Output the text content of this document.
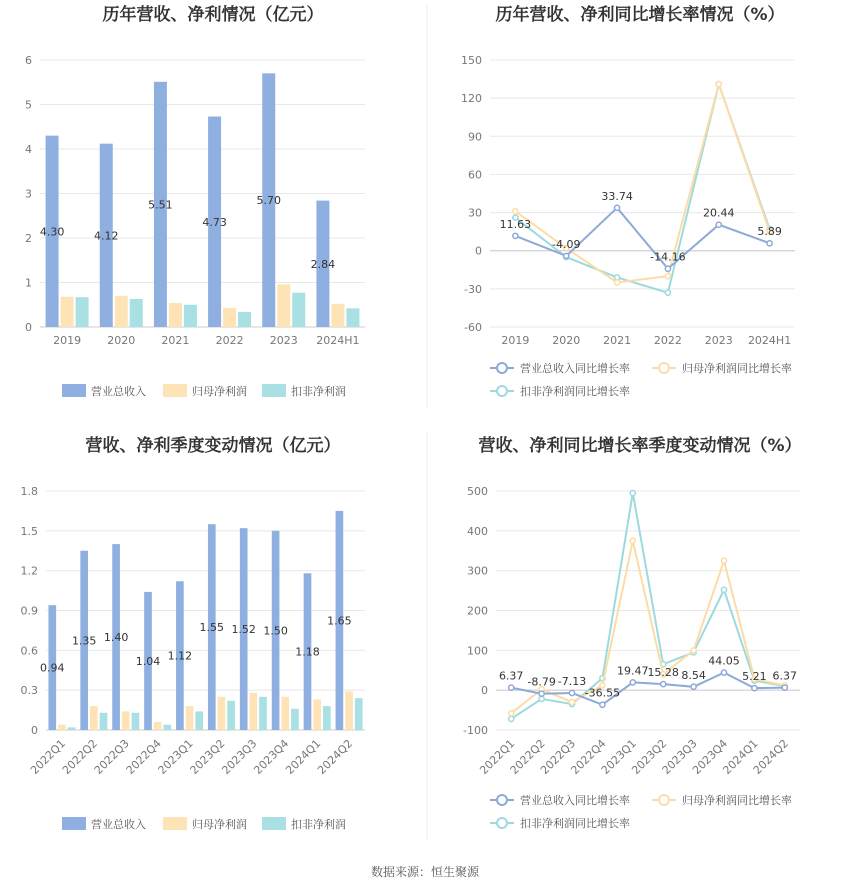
历年营收、净利情况（亿元）
0
1
2
3
4
5
6
4.30	4.12
5.51
4.73
5.70
2.84
2019 2020 2021 2022 2023 2024H1
营业总收入	归母净利润	扣非净利润
历年营收、净利同比增长率情况（%）
-60
-30
0
30
60
90
120
150
11.63
-4.09
33.74
-14.16
20.44
5.89
2019 2020 2021 2022 2023 2024H1
营业总收入同比增长率	归母净利润同比增长率
扣非净利润同比增长率
营收、净利季度变动情况（亿元）
0
0.3
0.6
0.9
1.2
1.5
1.8
0.94
1.35 1.40
1.04 1.12
1.55 1.52 1.50
1.18
1.65
2022Q1
2022Q2
2022Q3
2022Q4
2023Q1
2023Q2
2023Q3
2023Q4
2024Q1
2024Q2
营业总收入	归母净利润	扣非净利润
营收、净利同比增长率季度变动情况（%）
-100
0
100
200
300
400
500
6.37 -8.79 -7.13
-36.55
19.47
15.28 8.54
44.05
5.21 6.37
2022Q1
2022Q2
2022Q3
2022Q4
2023Q1
2023Q2
2023Q3
2023Q4
2024Q1
2024Q2
营业总收入同比增长率	归母净利润同比增长率
扣非净利润同比增长率
数据来源：恒生聚源
